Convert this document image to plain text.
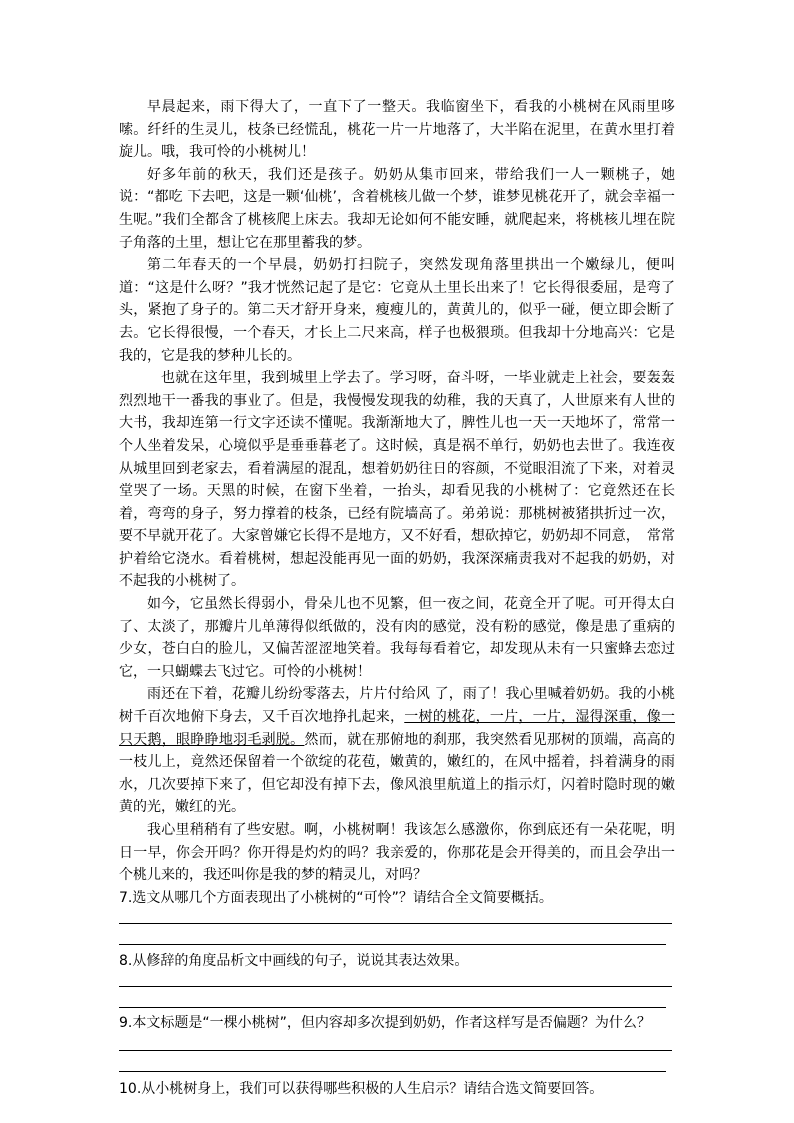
早晨起来，雨下得大了，一直下了一整天。我临窗坐下，看我的小桃树在风雨里哆嗦。纤纤的生灵儿，枝条已经慌乱，桃花一片一片地落了，大半陷在泥里，在黄水里打着旋儿。哦，我可怜的小桃树儿！

好多年前的秋天，我们还是孩子。奶奶从集市回来，带给我们一人一颗桃子，她说：“都吃 下去吧，这是一颗‘仙桃’，含着桃核儿做一个梦，谁梦见桃花开了，就会幸福一生呢。”我们全都含了桃核爬上床去。我却无论如何不能安睡，就爬起来，将桃核儿埋在院子角落的土里，想让它在那里蓄我的梦。

第二年春天的一个早晨，奶奶打扫院子，突然发现角落里拱出一个嫩绿儿，便叫道：“这是什么呀？”我才恍然记起了是它：它竟从土里长出来了！它长得很委屈，是弯了头，紧抱了身子的。第二天才舒开身来，瘦瘦儿的，黄黄儿的，似乎一碰，便立即会断了去。它长得很慢，一个春天，才长上二尺来高，样子也极猥琐。但我却十分地高兴：它是我的，它是我的梦种儿长的。

也就在这年里，我到城里上学去了。学习呀，奋斗呀，一毕业就走上社会，要轰轰烈烈地干一番我的事业了。但是，我慢慢发现我的幼稚，我的天真了，人世原来有人世的大书，我却连第一行文字还读不懂呢。我渐渐地大了，脾性儿也一天一天地坏了，常常一个人坐着发呆，心境似乎是垂垂暮老了。这时候，真是祸不单行，奶奶也去世了。我连夜从城里回到老家去，看着满屋的混乱，想着奶奶往日的容颜，不觉眼泪流了下来，对着灵堂哭了一场。天黑的时候，在窗下坐着，一抬头，却看见我的小桃树了：它竟然还在长着，弯弯的身子，努力撑着的枝条，已经有院墙高了。弟弟说：那桃树被猪拱折过一次，要不早就开花了。大家曾嫌它长得不是地方，又不好看，想砍掉它，奶奶却不同意，　常常护着给它浇水。看着桃树，想起没能再见一面的奶奶，我深深痛责我对不起我的奶奶，对不起我的小桃树了。

如今，它虽然长得弱小，骨朵儿也不见繁，但一夜之间，花竟全开了呢。可开得太白了、太淡了，那瓣片儿单薄得似纸做的，没有肉的感觉，没有粉的感觉，像是患了重病的少女，苍白白的脸儿，又偏苦涩涩地笑着。我每每看着它，却发现从未有一只蜜蜂去恋过它，一只蝴蝶去飞过它。可怜的小桃树！

雨还在下着，花瓣儿纷纷零落去，片片付给风 了，雨了！我心里喊着奶奶。我的小桃树千百次地俯下身去，又千百次地挣扎起来，一树的桃花，一片，一片，湿得深重，像一只天鹅，眼睁睁地羽毛剥脱。然而，就在那俯地的刹那，我突然看见那树的顶端，高高的一枝儿上，竟然还保留着一个欲绽的花苞，嫩黄的，嫩红的，在风中摇着，抖着满身的雨水，几次要掉下来了，但它却没有掉下去，像风浪里航道上的指示灯，闪着时隐时现的嫩黄的光，嫩红的光。

我心里稍稍有了些安慰。啊，小桃树啊！我该怎么感激你，你到底还有一朵花呢，明日一早，你会开吗？你开得是灼灼的吗？我亲爱的，你那花是会开得美的，而且会孕出一个桃儿来的，我还叫你是我的梦的精灵儿，对吗？

7.选文从哪几个方面表现出了小桃树的“可怜”？请结合全文简要概括。

8.从修辞的角度品析文中画线的句子，说说其表达效果。

9.本文标题是“一棵小桃树”，但内容却多次提到奶奶，作者这样写是否偏题？为什么？

10.从小桃树身上，我们可以获得哪些积极的人生启示？请结合选文简要回答。
